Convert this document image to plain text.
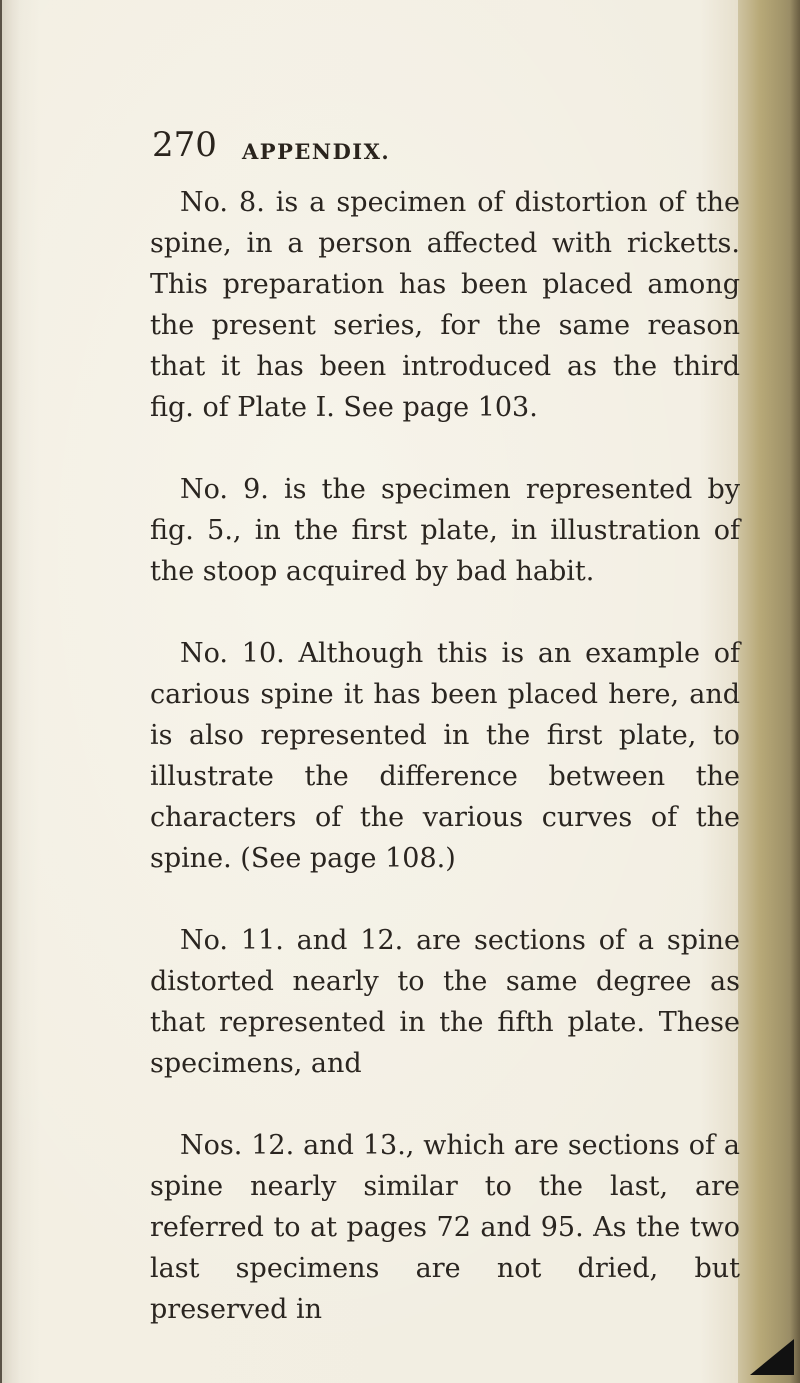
270 APPENDIX.

No. 8. is a specimen of distortion of the spine, in a person affected with ricketts. This preparation has been placed among the present series, for the same reason that it has been introduced as the third fig. of Plate I. See page 103.

No. 9. is the specimen represented by fig. 5., in the first plate, in illustration of the stoop acquired by bad habit.

No. 10. Although this is an example of carious spine it has been placed here, and is also represented in the first plate, to illustrate the difference between the characters of the various curves of the spine. (See page 108.)

No. 11. and 12. are sections of a spine distorted nearly to the same degree as that represented in the fifth plate. These specimens, and

Nos. 12. and 13., which are sections of a spine nearly similar to the last, are referred to at pages 72 and 95. As the two last specimens are not dried, but preserved in
